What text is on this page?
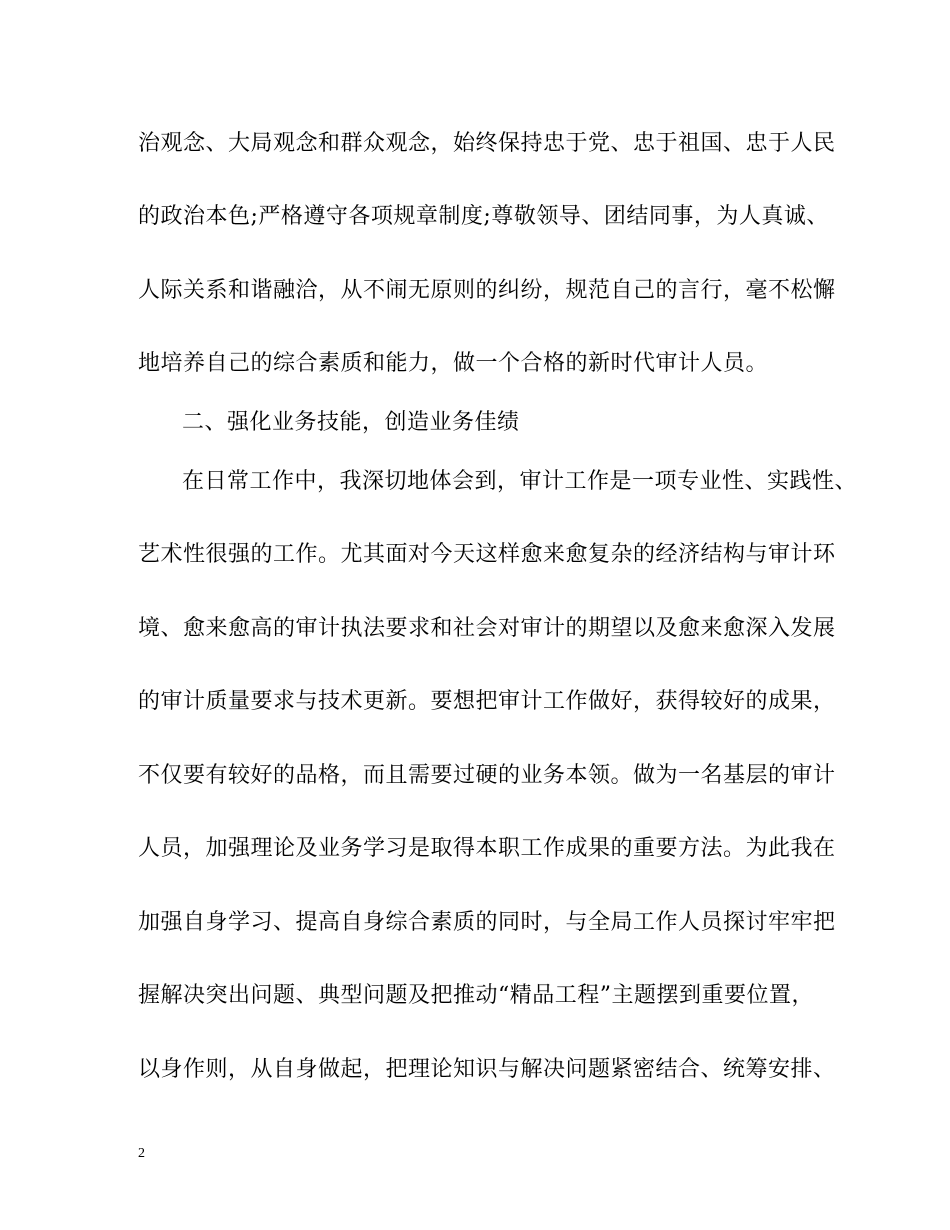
治观念、大局观念和群众观念，始终保持忠于党、忠于祖国、忠于人民
的政治本色;严格遵守各项规章制度;尊敬领导、团结同事，为人真诚、
人际关系和谐融洽，从不闹无原则的纠纷，规范自己的言行，毫不松懈
地培养自己的综合素质和能力，做一个合格的新时代审计人员。
二、强化业务技能，创造业务佳绩
在日常工作中，我深切地体会到，审计工作是一项专业性、实践性、
艺术性很强的工作。尤其面对今天这样愈来愈复杂的经济结构与审计环
境、愈来愈高的审计执法要求和社会对审计的期望以及愈来愈深入发展
的审计质量要求与技术更新。要想把审计工作做好，获得较好的成果，
不仅要有较好的品格，而且需要过硬的业务本领。做为一名基层的审计
人员，加强理论及业务学习是取得本职工作成果的重要方法。为此我在
加强自身学习、提高自身综合素质的同时，与全局工作人员探讨牢牢把
握解决突出问题、典型问题及把推动“精品工程”主题摆到重要位置，
以身作则，从自身做起，把理论知识与解决问题紧密结合、统筹安排、
2
